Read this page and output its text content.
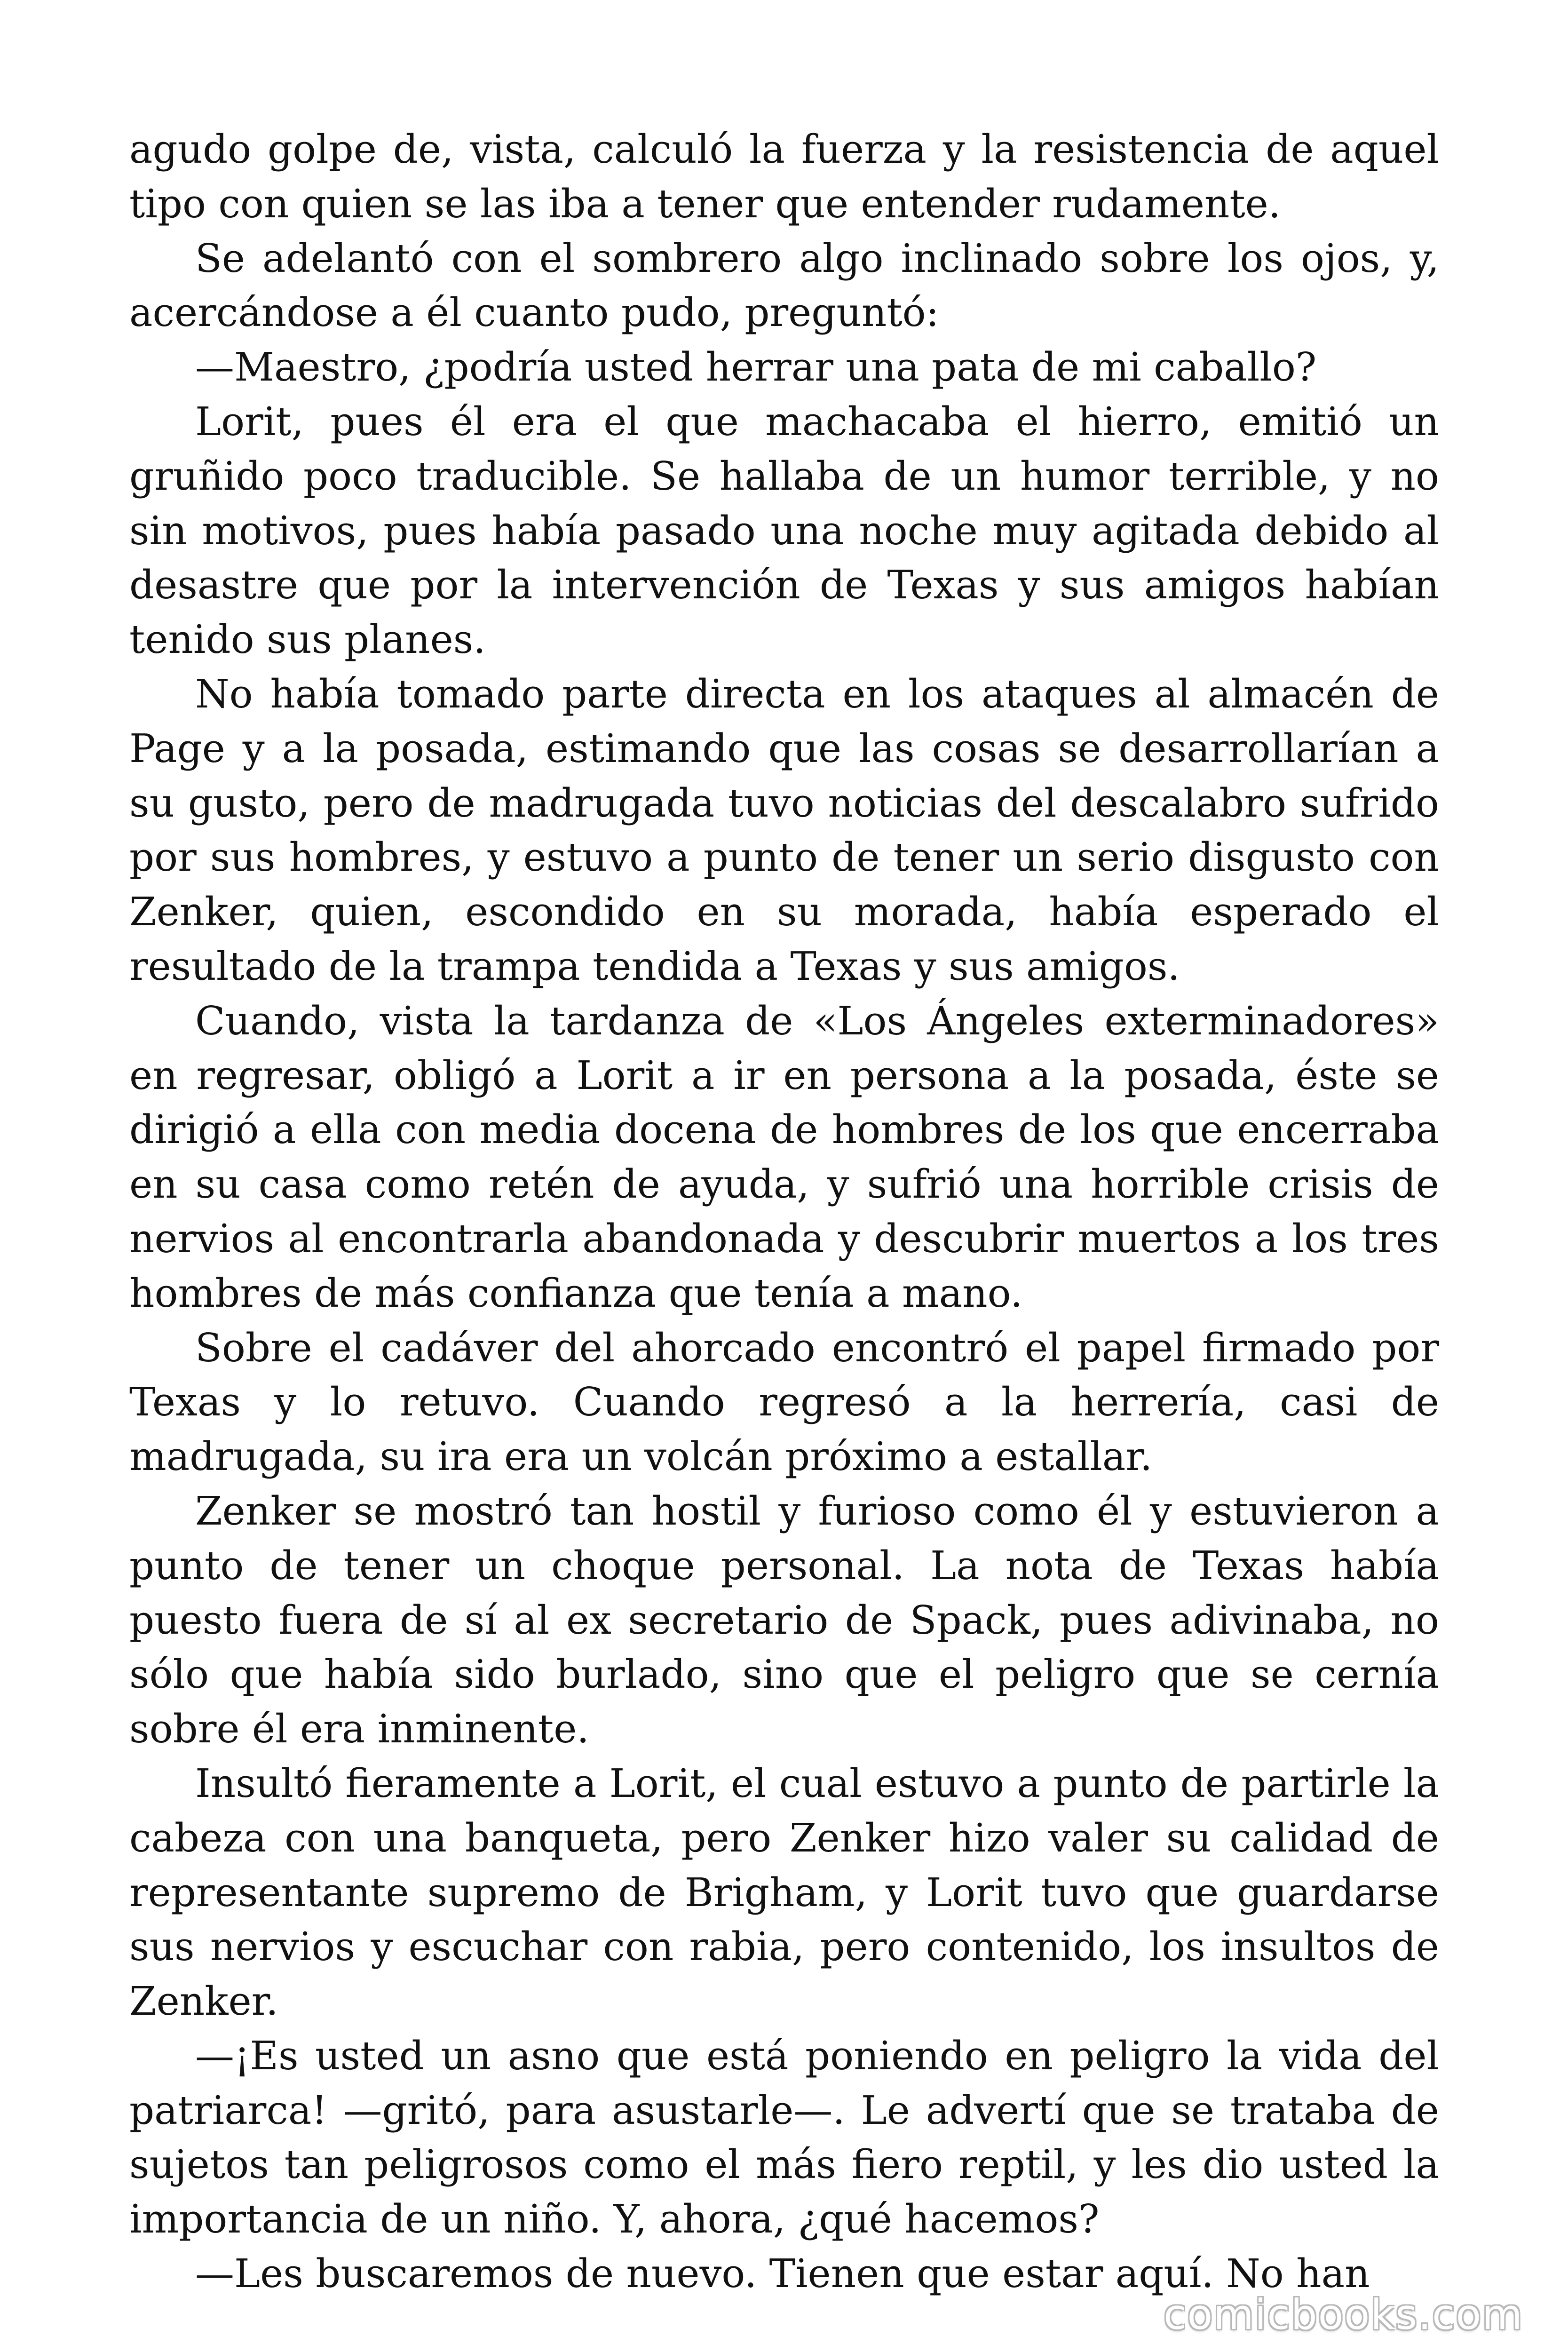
agudo golpe de, vista, calculó la fuerza y la resistencia de aquel tipo con quien se las iba a tener que entender rudamente.

Se adelantó con el sombrero algo inclinado sobre los ojos, y, acercándose a él cuanto pudo, preguntó:

—Maestro, ¿podría usted herrar una pata de mi caballo?

Lorit, pues él era el que machacaba el hierro, emitió un gruñido poco traducible. Se hallaba de un humor terrible, y no sin motivos, pues había pasado una noche muy agitada debido al desastre que por la intervención de Texas y sus amigos habían tenido sus planes.

No había tomado parte directa en los ataques al almacén de Page y a la posada, estimando que las cosas se desarrollarían a su gusto, pero de madrugada tuvo noticias del descalabro sufrido por sus hombres, y estuvo a punto de tener un serio disgusto con Zenker, quien, escondido en su morada, había esperado el resultado de la trampa tendida a Texas y sus amigos.

Cuando, vista la tardanza de «Los Ángeles exterminadores» en regresar, obligó a Lorit a ir en persona a la posada, éste se dirigió a ella con media docena de hombres de los que encerraba en su casa como retén de ayuda, y sufrió una horrible crisis de nervios al encontrarla abandonada y descubrir muertos a los tres hombres de más confianza que tenía a mano.

Sobre el cadáver del ahorcado encontró el papel firmado por Texas y lo retuvo. Cuando regresó a la herrería, casi de madrugada, su ira era un volcán próximo a estallar.

Zenker se mostró tan hostil y furioso como él y estuvieron a punto de tener un choque personal. La nota de Texas había puesto fuera de sí al ex secretario de Spack, pues adivinaba, no sólo que había sido burlado, sino que el peligro que se cernía sobre él era inminente.

Insultó fieramente a Lorit, el cual estuvo a punto de partirle la cabeza con una banqueta, pero Zenker hizo valer su calidad de representante supremo de Brigham, y Lorit tuvo que guardarse sus nervios y escuchar con rabia, pero contenido, los insultos de Zenker.

—¡Es usted un asno que está poniendo en peligro la vida del patriarca! —gritó, para asustarle—. Le advertí que se trataba de sujetos tan peligrosos como el más fiero reptil, y les dio usted la importancia de un niño. Y, ahora, ¿qué hacemos?

—Les buscaremos de nuevo. Tienen que estar aquí. No han

comicbooks.com
